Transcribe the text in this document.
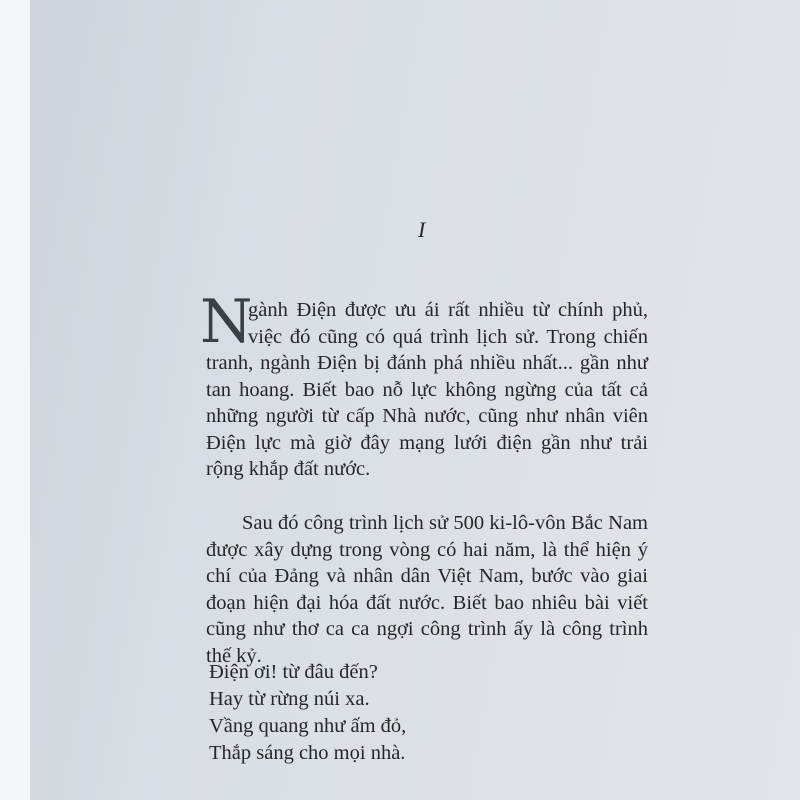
I
N
gành Điện được ưu ái rất nhiều từ chính phủ,
việc đó cũng có quá trình lịch sử. Trong chiến
tranh, ngành Điện bị đánh phá nhiều nhất... gần như
tan hoang. Biết bao nỗ lực không ngừng của tất cả
những người từ cấp Nhà nước, cũng như nhân viên
Điện lực mà giờ đây mạng lưới điện gần như trải
rộng khắp đất nước.
Sau đó công trình lịch sử 500 ki-lô-vôn Bắc Nam
được xây dựng trong vòng có hai năm, là thể hiện ý
chí của Đảng và nhân dân Việt Nam, bước vào giai
đoạn hiện đại hóa đất nước. Biết bao nhiêu bài viết
cũng như thơ ca ca ngợi công trình ấy là công trình
thế kỷ.
Điện ơi! từ đâu đến?
Hay từ rừng núi xa.
Vầng quang như ấm đỏ,
Thắp sáng cho mọi nhà.
